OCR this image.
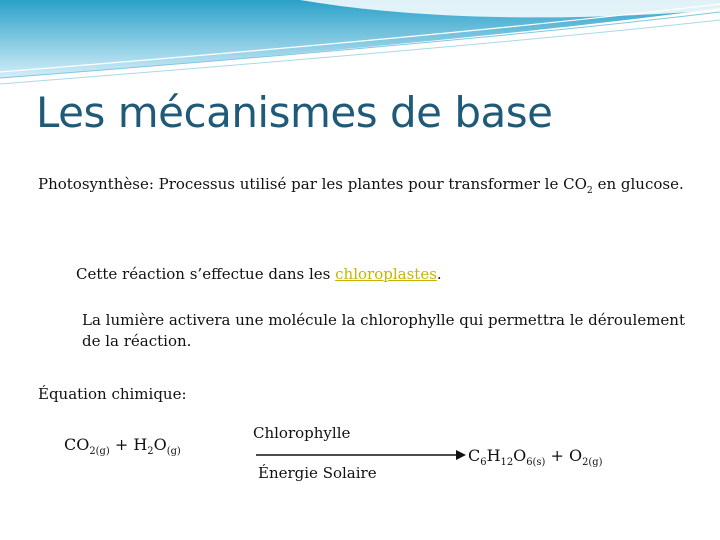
Les mécanismes de base
Photosynthèse: Processus utilisé par les plantes pour transformer le $CO_2$ en glucose.
Cette réaction s’effectue dans les chloroplastes.
La lumière activera une molécule la chlorophylle qui permettra le déroulement de la réaction.
Équation chimique:
$CO_{2(g)} + H_2O_{(g)}$
Chlorophylle
Énergie Solaire
$C_6H_{12}O_{6(s)} + O_{2(g)}$
